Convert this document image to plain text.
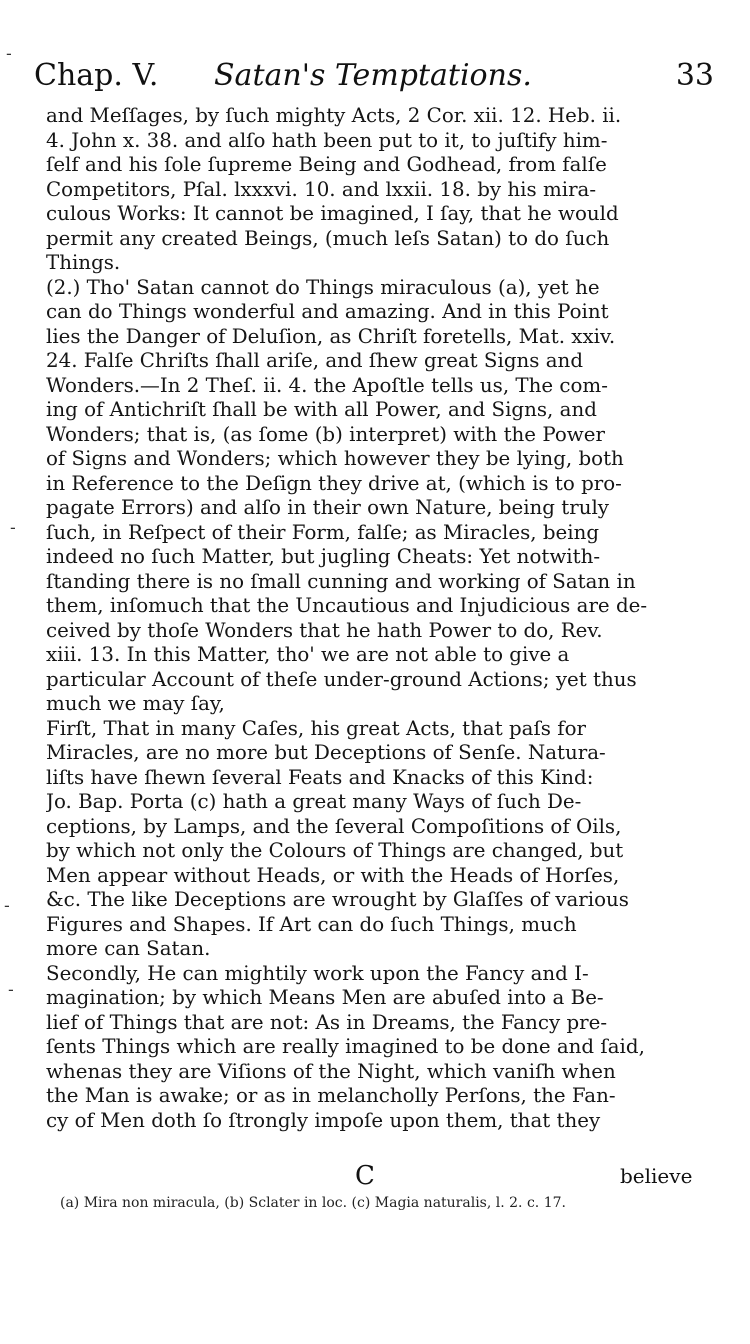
-
-
-
-
Chap. V. Satan's Temptations.	33
and Meſſages, by ſuch mighty Acts, 2 Cor. xii. 12. Heb. ii.
4. John x. 38. and alſo hath been put to it, to juſtify him-
ſelf and his ſole ſupreme Being and Godhead, from falſe
Competitors, Pſal. lxxxvi. 10. and lxxii. 18. by his mira-
culous Works: It cannot be imagined, I ſay, that he would
permit any created Beings, (much leſs Satan) to do ſuch
Things.
(2.) Tho' Satan cannot do Things miraculous (a), yet he
can do Things wonderful and amazing. And in this Point
lies the Danger of Deluſion, as Chriſt foretells, Mat. xxiv.
24. Falſe Chriſts ſhall ariſe, and ſhew great Signs and
Wonders.—In 2 Theſ. ii. 4. the Apoſtle tells us, The com-
ing of Antichriſt ſhall be with all Power, and Signs, and
Wonders; that is, (as ſome (b) interpret) with the Power
of Signs and Wonders; which however they be lying, both
in Reference to the Deſign they drive at, (which is to pro-
pagate Errors) and alſo in their own Nature, being truly
ſuch, in Reſpect of their Form, falſe; as Miracles, being
indeed no ſuch Matter, but jugling Cheats: Yet notwith-
ſtanding there is no ſmall cunning and working of Satan in
them, inſomuch that the Uncautious and Injudicious are de-
ceived by thoſe Wonders that he hath Power to do, Rev.
xiii. 13. In this Matter, tho' we are not able to give a
particular Account of theſe under-ground Actions; yet thus
much we may ſay,
Firſt, That in many Caſes, his great Acts, that paſs for
Miracles, are no more but Deceptions of Senſe. Natura-
liſts have ſhewn ſeveral Feats and Knacks of this Kind:
Jo. Bap. Porta (c) hath a great many Ways of ſuch De-
ceptions, by Lamps, and the ſeveral Compoſitions of Oils,
by which not only the Colours of Things are changed, but
Men appear without Heads, or with the Heads of Horſes,
&c. The like Deceptions are wrought by Glaſſes of various
Figures and Shapes. If Art can do ſuch Things, much
more can Satan.
Secondly, He can mightily work upon the Fancy and I-
magination; by which Means Men are abuſed into a Be-
lief of Things that are not: As in Dreams, the Fancy pre-
ſents Things which are really imagined to be done and ſaid,
whenas they are Viſions of the Night, which vaniſh when
the Man is awake; or as in melancholly Perſons, the Fan-
cy of Men doth ſo ſtrongly impoſe upon them, that they
C	believe
(a) Mira non miracula, (b) Sclater in loc. (c) Magia naturalis, l. 2. c. 17.
